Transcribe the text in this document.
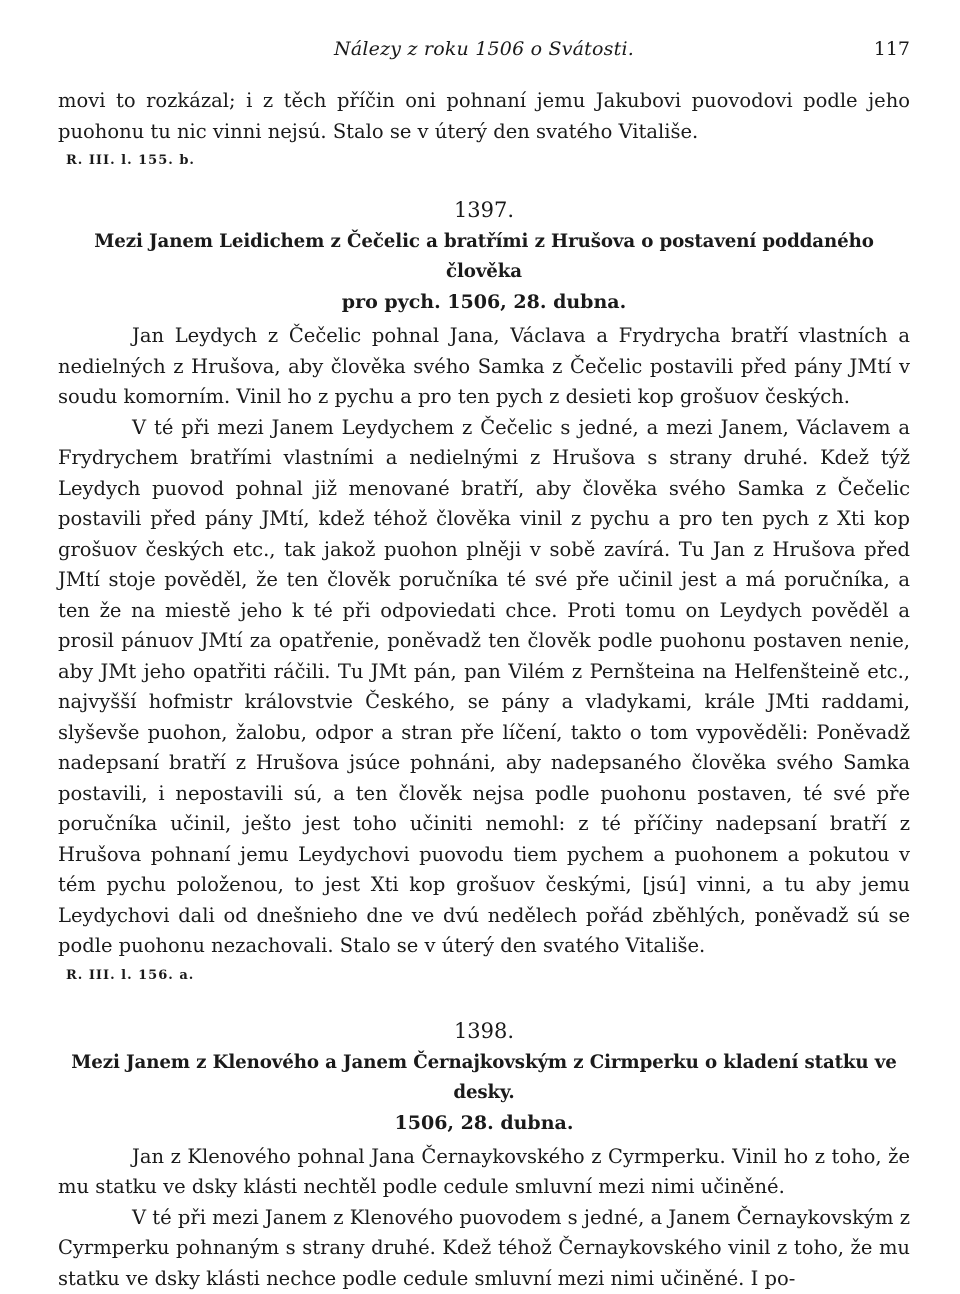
Nálezy z roku 1506 o Svátosti.	117

movi to rozkázal; i z těch příčin oni pohnaní jemu Jakubovi puovodovi podle jeho puohonu tu nic vinni nejsú. Stalo se v úterý den svatého Vitališe.

R. III. l. 155. b.
1397.
Mezi Janem Leidichem z Čečelic a bratřími z Hrušova o postavení poddaného člověka
pro pych. 1506, 28. dubna.

Jan Leydych z Čečelic pohnal Jana, Václava a Frydrycha bratří vlastních a nedielných z Hrušova, aby člověka svého Samka z Čečelic postavili před pány JMtí v soudu komorním. Vinil ho z pychu a pro ten pych z desieti kop grošuov českých.

V té při mezi Janem Leydychem z Čečelic s jedné, a mezi Janem, Václavem a Frydrychem bratřími vlastními a nedielnými z Hrušova s strany druhé. Kdež týž Leydych puovod pohnal již menované bratří, aby člověka svého Samka z Čečelic postavili před pány JMtí, kdež téhož člověka vinil z pychu a pro ten pych z Xti kop grošuov českých etc., tak jakož puohon plněji v sobě zavírá. Tu Jan z Hrušova před JMtí stoje pověděl, že ten člověk poručníka té své pře učinil jest a má poručníka, a ten že na miestě jeho k té při odpoviedati chce. Proti tomu on Leydych pověděl a prosil pánuov JMtí za opatřenie, poněvadž ten člověk podle puohonu postaven nenie, aby JMt jeho opatřiti ráčili. Tu JMt pán, pan Vilém z Pernšteina na Helfenšteině etc., najvyšší hofmistr královstvie Českého, se pány a vladykami, krále JMti raddami, slyševše puohon, žalobu, odpor a stran pře líčení, takto o tom vypověděli: Poněvadž nadepsaní bratří z Hrušova jsúce pohnáni, aby nadepsaného člověka svého Samka postavili, i nepostavili sú, a ten člověk nejsa podle puohonu postaven, té své pře poručníka učinil, ješto jest toho učiniti nemohl: z té příčiny nadepsaní bratří z Hrušova pohnaní jemu Leydychovi puovodu tiem pychem a puohonem a pokutou v tém pychu položenou, to jest Xti kop grošuov českými, [jsú] vinni, a tu aby jemu Leydychovi dali od dnešnieho dne ve dvú nedělech pořád zběhlých, poněvadž sú se podle puohonu nezachovali. Stalo se v úterý den svatého Vitališe.

R. III. l. 156. a.
1398.
Mezi Janem z Klenového a Janem Černajkovským z Cirmperku o kladení statku ve desky.
1506, 28. dubna.

Jan z Klenového pohnal Jana Černaykovského z Cyrmperku. Vinil ho z toho, že mu statku ve dsky klásti nechtěl podle cedule smluvní mezi nimi učiněné.

V té při mezi Janem z Klenového puovodem s jedné, a Janem Černaykovským z Cyrmperku pohnaným s strany druhé. Kdež téhož Černaykovského vinil z toho, že mu statku ve dsky klásti nechce podle cedule smluvní mezi nimi učiněné. I po-
